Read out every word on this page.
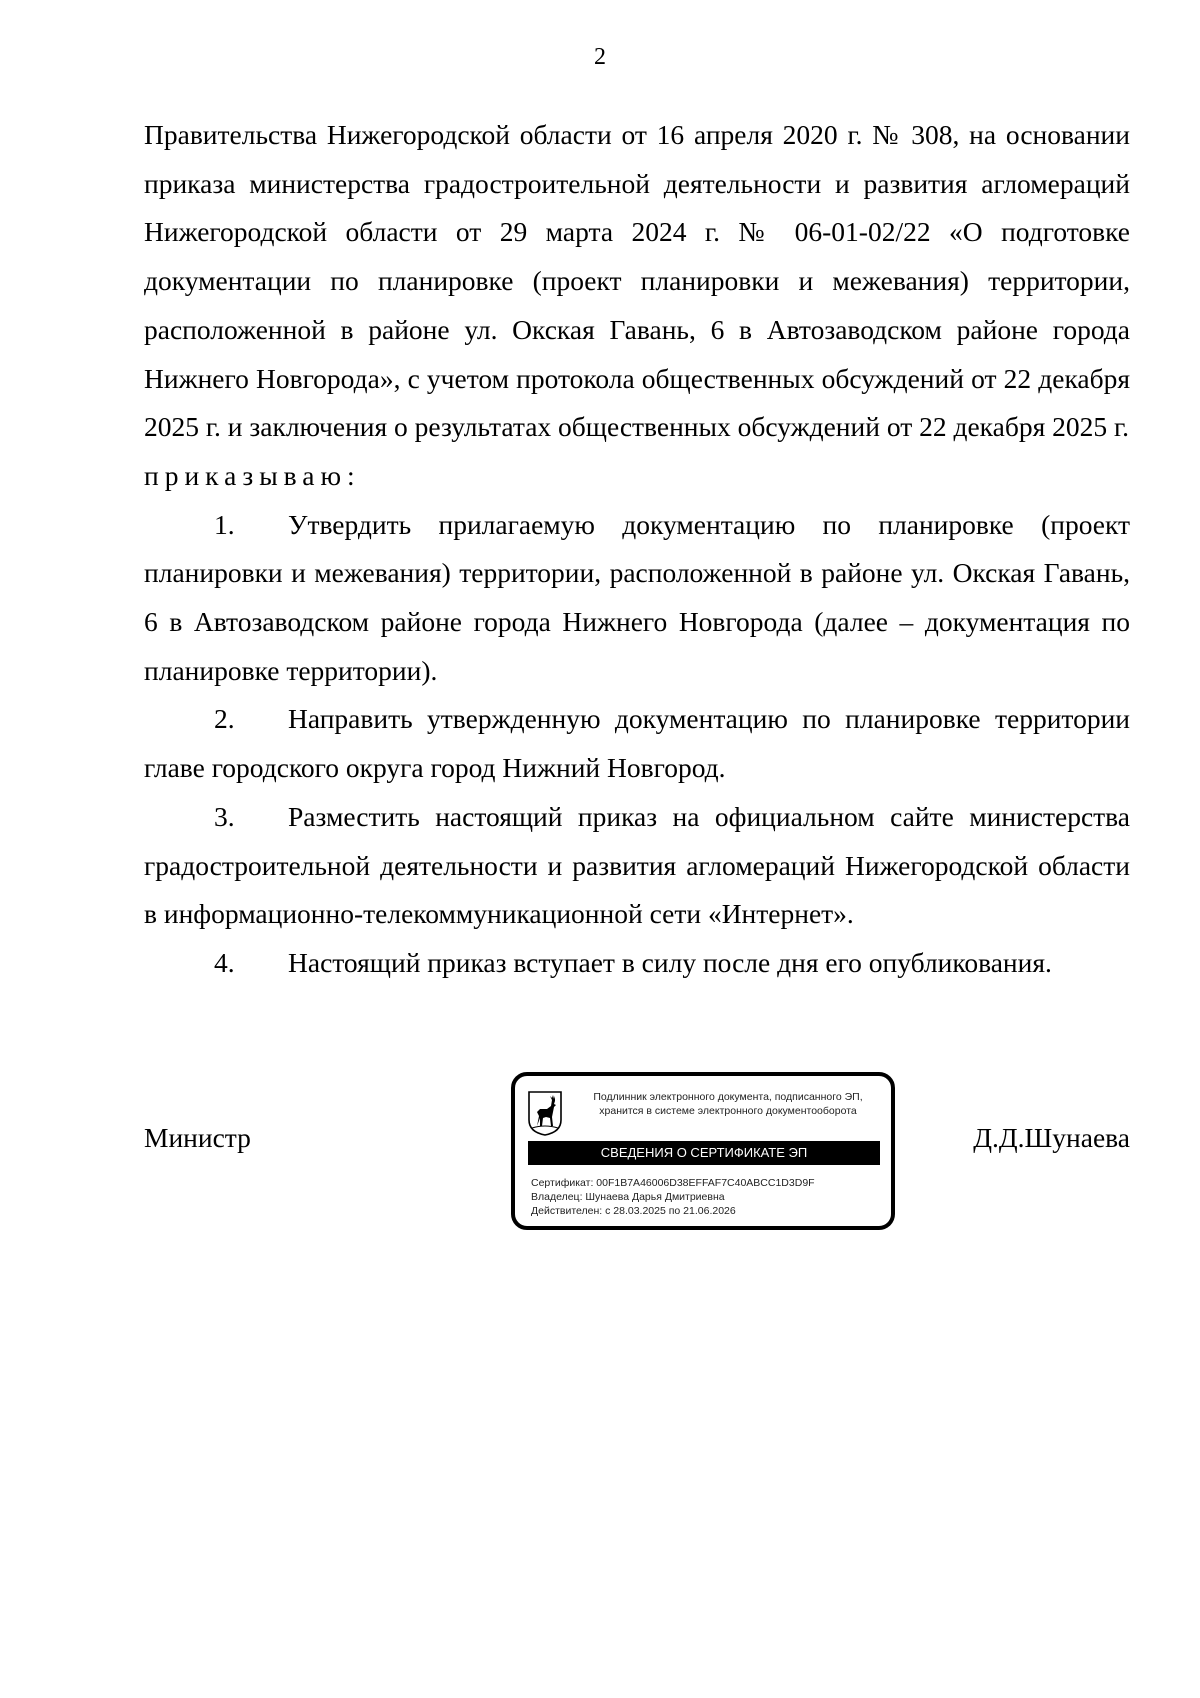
2

Правительства Нижегородской области от 16 апреля 2020 г. № 308, на основании приказа министерства градостроительной деятельности и развития агломераций Нижегородской области от 29 марта 2024 г. № 06-01-02/22 «О подготовке документации по планировке (проект планировки и межевания) территории, расположенной в районе ул. Окская Гавань, 6 в Автозаводском районе города Нижнего Новгорода», с учетом протокола общественных обсуждений от 22 декабря 2025 г. и заключения о результатах общественных обсуждений от 22 декабря 2025 г.

приказываю:

1. Утвердить прилагаемую документацию по планировке (проект планировки и межевания) территории, расположенной в районе ул. Окская Гавань, 6 в Автозаводском районе города Нижнего Новгорода (далее – документация по планировке территории).

2. Направить утвержденную документацию по планировке территории главе городского округа город Нижний Новгород.

3. Разместить настоящий приказ на официальном сайте министерства градостроительной деятельности и развития агломераций Нижегородской области в информационно-телекоммуникационной сети «Интернет».

4. Настоящий приказ вступает в силу после дня его опубликования.

Министр	Д.Д.Шунаева
Подлинник электронного документа, подписанного ЭП,
хранится в системе электронного документооборота
СВЕДЕНИЯ О СЕРТИФИКАТЕ ЭП
Сертификат: 00F1B7A46006D38EFFAF7C40ABCC1D3D9F
Владелец: Шунаева Дарья Дмитриевна
Действителен: с 28.03.2025 по 21.06.2026
